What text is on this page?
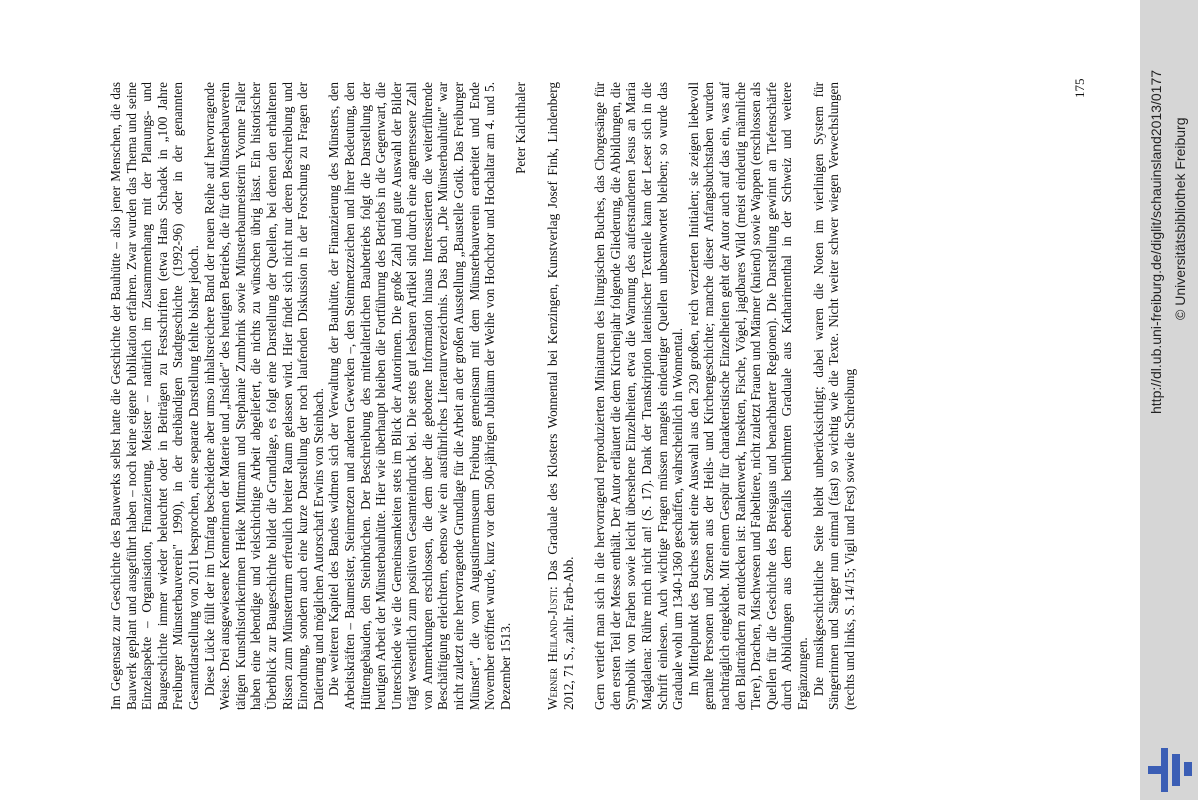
Im Gegensatz zur Geschichte des Bauwerks selbst hatte die Geschichte der Bauhütte – also jener Menschen, die das Bauwerk geplant und ausgeführt haben – noch keine eigene Publikation erfahren. Zwar wurden das Thema und seine Einzelaspekte – Organisation, Finanzierung, Meister – natürlich im Zusammenhang mit der Planungs- und Baugeschichte immer wieder beleuchtet oder in Beiträgen zu Festschriften (etwa Hans Schadek in „100 Jahre Freiburger Münsterbauverein" 1990), in der dreibändigen Stadtgeschichte (1992-96) oder in der genannten Gesamtdarstellung von 2011 besprochen, eine separate Darstellung fehlte bisher jedoch. Diese Lücke füllt der im Umfang bescheidene aber umso inhaltsreichere Band der neuen Reihe auf hervorragende Weise. Drei ausgewiesene Kennerinnen der Materie und „Insider" des heutigen Betriebs, die für den Münsterbauverein tätigen Kunsthistorikerinnen Heike Mittmann und Stephanie Zumbrink sowie Münsterbaumeisterin Yvonne Faller haben eine lebendige und vielschichtige Arbeit abgeliefert, die nichts zu wünschen übrig lässt. Ein historischer Überblick zur Baugeschichte bildet die Grundlage, es folgt eine Darstellung der Quellen, bei denen den erhaltenen Rissen zum Münsterturm erfreulich breiter Raum gelassen wird. Hier findet sich nicht nur deren Beschreibung und Einordnung, sondern auch eine kurze Darstellung der noch laufenden Diskussion in der Forschung zu Fragen der Datierung und möglichen Autorschaft Erwins von Steinbach. Die weiteren Kapitel des Bandes widmen sich der Verwaltung der Bauhütte, der Finanzierung des Münsters, den Arbeitskräften – Baumeister, Steinmetzen und anderen Gewerken –, den Steinmetzzeichen und ihrer Bedeutung, den Hüttengebäuden, den Steinbrüchen. Der Beschreibung des mittelalterlichen Baubetriebs folgt die Darstellung der heutigen Arbeit der Münsterbauhütte. Hier wie überhaupt bleiben die Fortführung des Betriebs in die Gegenwart, die Unterschiede wie die Gemeinsamkeiten stets im Blick der Autorinnen. Die große Zahl und gute Auswahl der Bilder trägt wesentlich zum positiven Gesamteindruck bei. Die stets gut lesbaren Artikel sind durch eine angemessene Zahl von Anmerkungen erschlossen, die dem über die gebotene Information hinaus Interessierten die weiterführende Beschäftigung erleichtern, ebenso wie ein ausführliches Literaturverzeichnis. Das Buch „Die Münsterbauhütte" war nicht zuletzt eine hervorragende Grundlage für die Arbeit an der großen Ausstellung „Baustelle Gotik. Das Freiburger Münster", die vom Augustinermuseum Freiburg gemeinsam mit dem Münsterbauverein erarbeitet und Ende November eröffnet wurde, kurz vor dem 500-jährigen Jubiläum der Weihe von Hochchor und Hochaltar am 4. und 5. Dezember 1513.

Peter Kalchthaler

Werner Heiland-Justi: Das Graduale des Klosters Wonnental bei Kenzingen, Kunstverlag Josef Fink, Lindenberg 2012, 71 S., zahlr. Farb-Abb. Gern vertieft man sich in die hervorragend reproduzierten Miniaturen des liturgischen Buches, das Chorgesänge für den ersten Teil der Messe enthält. Der Autor erläutert die dem Kirchenjahr folgende Gliederung, die Abbildungen, die Symbolik von Farben sowie leicht übersehene Einzelheiten, etwa die Warnung des auferstandenen Jesus an Maria Magdalena: Rühre mich nicht an! (S. 17). Dank der Transkription lateinischer Textteile kann der Leser sich in die Schrift einlesen. Auch wichtige Fragen müssen mangels eindeutiger Quellen unbeantwortet bleiben; so wurde das Graduale wohl um 1340-1360 geschaffen, wahrscheinlich in Wonnental. Im Mittelpunkt des Buches steht eine Auswahl aus den 230 großen, reich verzierten Initialen; sie zeigen liebevoll gemalte Personen und Szenen aus der Heils- und Kirchengeschichte; manche dieser Anfangsbuchstaben wurden nachträglich eingeklebt. Mit einem Gespür für charakteristische Einzelheiten geht der Autor auch auf das ein, was auf den Blatträndern zu entdecken ist: Rankenwerk, Insekten, Fische, Vögel, jagdbares Wild (meist eindeutig männliche Tiere), Drachen, Mischwesen und Fabeltiere, nicht zuletzt Frauen und Männer (kniend) sowie Wappen (erschlossen als Quellen für die Geschichte des Breisgaus und benachbarter Regionen). Die Darstellung gewinnt an Tiefenschärfe durch Abbildungen aus dem ebenfalls berühmten Graduale aus Katharinenthal in der Schweiz und weitere Ergänzungen. Die musikgeschichtliche Seite bleibt unberücksichtigt; dabei waren die Noten im vierlinigen System für Sängerinnen und Sänger nun einmal (fast) so wichtig wie die Texte. Nicht weiter schwer wiegen Verwechslungen (rechts und links, S. 14/15; Vigil und Fest) sowie die Schreibung

175	http://dl.ub.uni-freiburg.de/diglit/schauinsland2013/0177 © Universitätsbibliothek Freiburg
